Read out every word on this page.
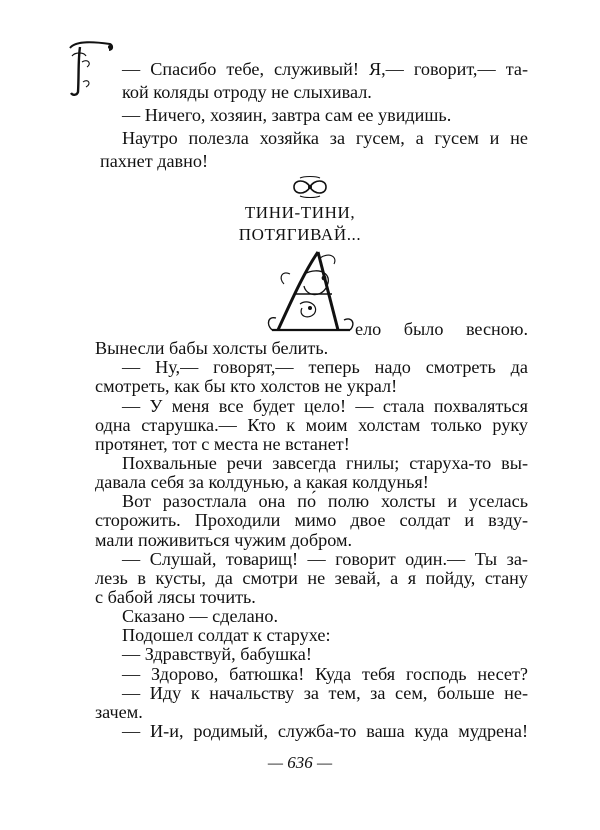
— Спасибо тебе, служивый! Я,— говорит,— та-
кой коляды отроду не слыхивал.
— Ничего, хозяин, завтра сам ее увидишь.
Наутро полезла хозяйка за гусем, а гусем и не
пахнет давно!
ТИНИ-ТИНИ,
ПОТЯГИВАЙ...
ело было весною.
Вынесли бабы холсты белить.
— Ну,— говорят,— теперь надо смотреть да
смотреть, как бы кто холстов не украл!
— У меня все будет цело! — стала похваляться
одна старушка.— Кто к моим холстам только руку
протянет, тот с места не встанет!
Похвальные речи завсегда гнилы; старуха-то вы-
давала себя за колдунью, а какая колдунья!
Вот разостлала она по́ полю холсты и уселась
сторожить. Проходили мимо двое солдат и взду-
мали поживиться чужим добром.
— Слушай, товарищ! — говорит один.— Ты за-
лезь в кусты, да смотри не зевай, а я пойду, стану
с бабой лясы точить.
Сказано — сделано.
Подошел солдат к старухе:
— Здравствуй, бабушка!
— Здорово, батюшка! Куда тебя господь несет?
— Иду к начальству за тем, за сем, больше не-
зачем.
— И-и, родимый, служба-то ваша куда мудрена!
— 636 —
